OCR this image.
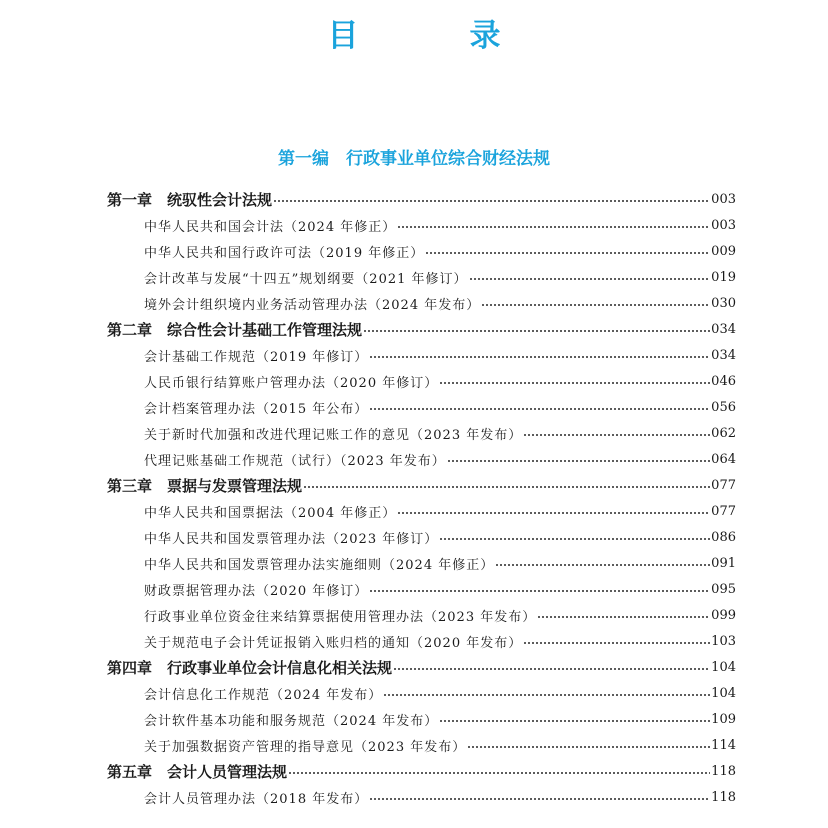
目　录
第一编　行政事业单位综合财经法规
第一章　统驭性会计法规	003
中华人民共和国会计法（2024 年修正）	003
中华人民共和国行政许可法（2019 年修正）	009
会计改革与发展“十四五”规划纲要（2021 年修订）	019
境外会计组织境内业务活动管理办法（2024 年发布）	030
第二章　综合性会计基础工作管理法规	034
会计基础工作规范（2019 年修订）	034
人民币银行结算账户管理办法（2020 年修订）	046
会计档案管理办法（2015 年公布）	056
关于新时代加强和改进代理记账工作的意见（2023 年发布）	062
代理记账基础工作规范（试行）（2023 年发布）	064
第三章　票据与发票管理法规	077
中华人民共和国票据法（2004 年修正）	077
中华人民共和国发票管理办法（2023 年修订）	086
中华人民共和国发票管理办法实施细则（2024 年修正）	091
财政票据管理办法（2020 年修订）	095
行政事业单位资金往来结算票据使用管理办法（2023 年发布）	099
关于规范电子会计凭证报销入账归档的通知（2020 年发布）	103
第四章　行政事业单位会计信息化相关法规	104
会计信息化工作规范（2024 年发布）	104
会计软件基本功能和服务规范（2024 年发布）	109
关于加强数据资产管理的指导意见（2023 年发布）	114
第五章　会计人员管理法规	118
会计人员管理办法（2018 年发布）	118
